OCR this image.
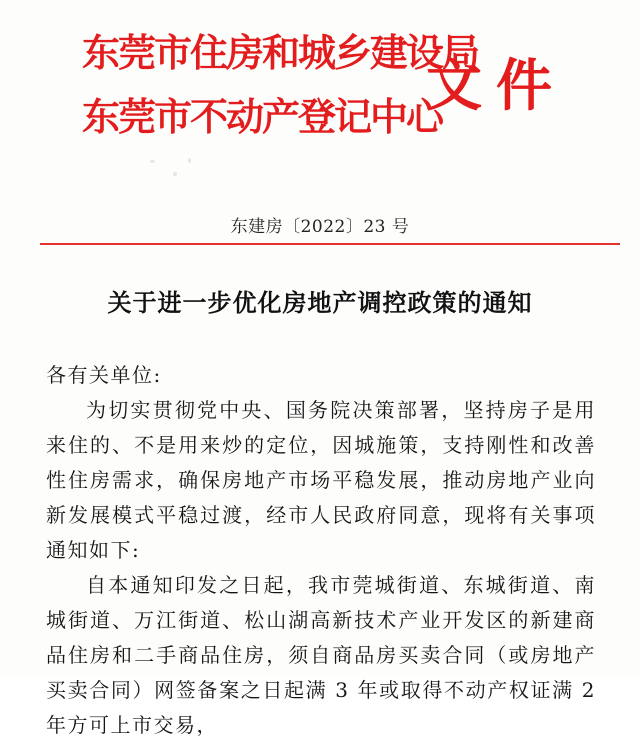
东莞市住房和城乡建设局
东莞市不动产登记中心
文件
东建房〔2022〕23 号
关于进一步优化房地产调控政策的通知

各有关单位:

为切实贯彻党中央、国务院决策部署，坚持房子是用来住的、不是用来炒的定位，因城施策，支持刚性和改善性住房需求，确保房地产市场平稳发展，推动房地产业向新发展模式平稳过渡，经市人民政府同意，现将有关事项通知如下:

自本通知印发之日起，我市莞城街道、东城街道、南城街道、万江街道、松山湖高新技术产业开发区的新建商品住房和二手商品住房，须自商品房买卖合同（或房地产买卖合同）网签备案之日起满 3 年或取得不动产权证满 2 年方可上市交易，
